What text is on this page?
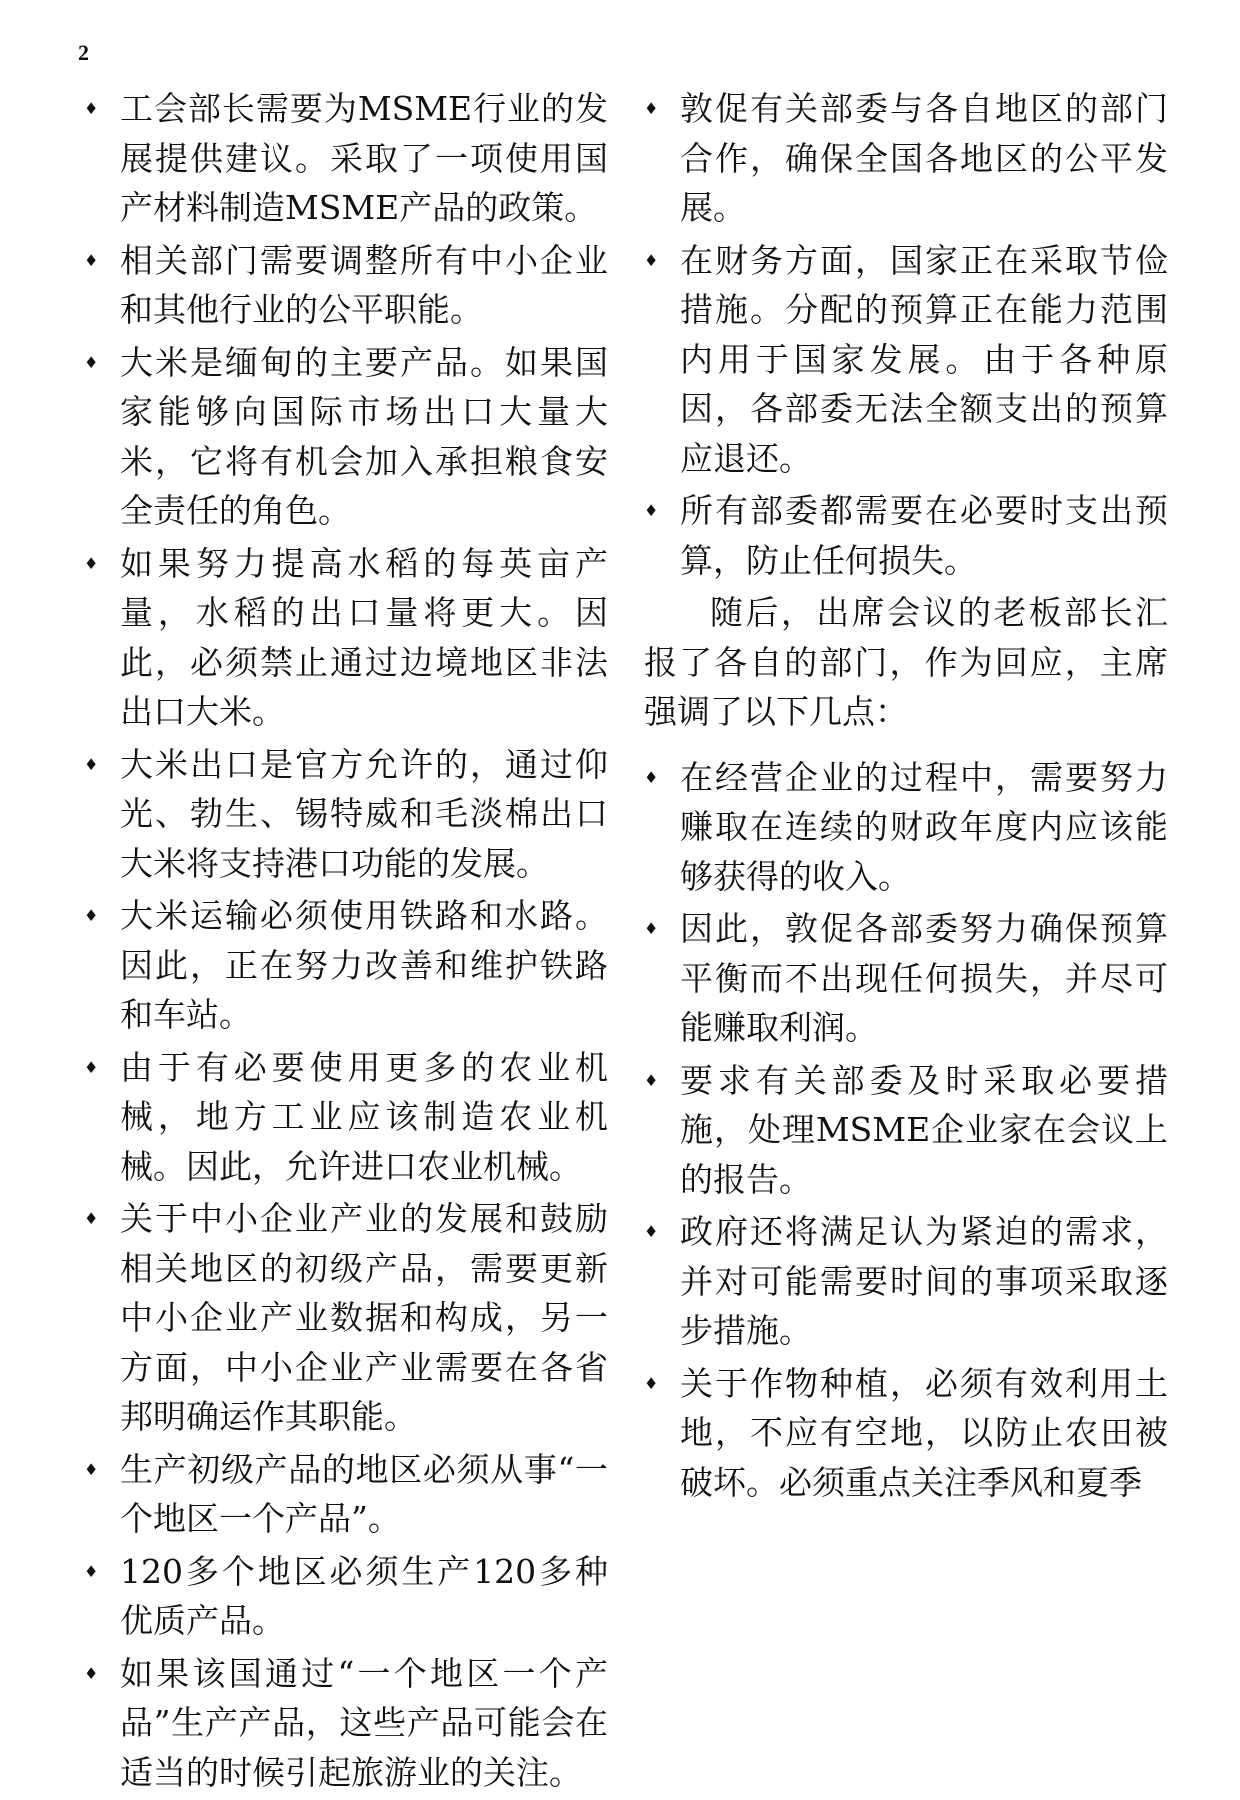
2
♦ 工会部长需要为MSME行业的发展提供建议。采取了一项使用国产材料制造MSME产品的政策。
♦ 相关部门需要调整所有中小企业和其他行业的公平职能。
♦ 大米是缅甸的主要产品。如果国家能够向国际市场出口大量大米，它将有机会加入承担粮食安全责任的角色。
♦ 如果努力提高水稻的每英亩产量，水稻的出口量将更大。因此，必须禁止通过边境地区非法出口大米。
♦ 大米出口是官方允许的，通过仰光、勃生、锡特威和毛淡棉出口大米将支持港口功能的发展。
♦ 大米运输必须使用铁路和水路。因此，正在努力改善和维护铁路和车站。
♦ 由于有必要使用更多的农业机械，地方工业应该制造农业机械。因此，允许进口农业机械。
♦ 关于中小企业产业的发展和鼓励相关地区的初级产品，需要更新中小企业产业数据和构成，另一方面，中小企业产业需要在各省邦明确运作其职能。
♦ 生产初级产品的地区必须从事“一个地区一个产品”。
♦ 120多个地区必须生产120多种优质产品。
♦ 如果该国通过“一个地区一个产品”生产产品，这些产品可能会在适当的时候引起旅游业的关注。
♦ 敦促有关部委与各自地区的部门合作，确保全国各地区的公平发展。
♦ 在财务方面，国家正在采取节俭措施。分配的预算正在能力范围内用于国家发展。由于各种原因，各部委无法全额支出的预算应退还。
♦ 所有部委都需要在必要时支出预算，防止任何损失。

随后，出席会议的老板部长汇报了各自的部门，作为回应，主席强调了以下几点：

♦ 在经营企业的过程中，需要努力赚取在连续的财政年度内应该能够获得的收入。
♦ 因此，敦促各部委努力确保预算平衡而不出现任何损失，并尽可能赚取利润。
♦ 要求有关部委及时采取必要措施，处理MSME企业家在会议上的报告。
♦ 政府还将满足认为紧迫的需求，并对可能需要时间的事项采取逐步措施。
♦ 关于作物种植，必须有效利用土地，不应有空地，以防止农田被破坏。必须重点关注季风和夏季
